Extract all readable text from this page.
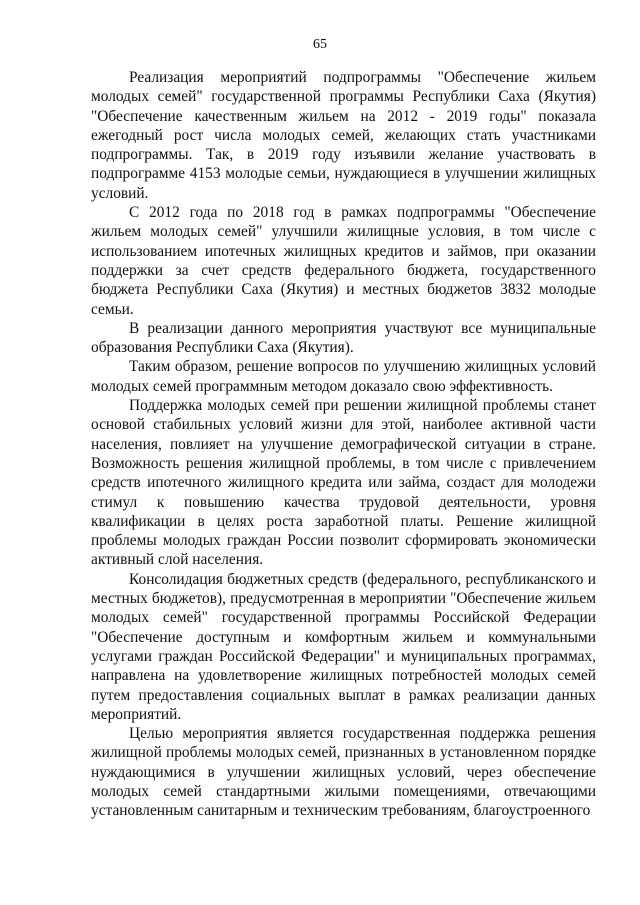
65

Реализация мероприятий подпрограммы "Обеспечение жильем молодых семей" государственной программы Республики Саха (Якутия) "Обеспечение качественным жильем на 2012 - 2019 годы" показала ежегодный рост числа молодых семей, желающих стать участниками подпрограммы. Так, в 2019 году изъявили желание участвовать в подпрограмме 4153 молодые семьи, нуждающиеся в улучшении жилищных условий.

С 2012 года по 2018 год в рамках подпрограммы "Обеспечение жильем молодых семей" улучшили жилищные условия, в том числе с использованием ипотечных жилищных кредитов и займов, при оказании поддержки за счет средств федерального бюджета, государственного бюджета Республики Саха (Якутия) и местных бюджетов 3832 молодые семьи.

В реализации данного мероприятия участвуют все муниципальные образования Республики Саха (Якутия).

Таким образом, решение вопросов по улучшению жилищных условий молодых семей программным методом доказало свою эффективность.

Поддержка молодых семей при решении жилищной проблемы станет основой стабильных условий жизни для этой, наиболее активной части населения, повлияет на улучшение демографической ситуации в стране. Возможность решения жилищной проблемы, в том числе с привлечением средств ипотечного жилищного кредита или займа, создаст для молодежи стимул к повышению качества трудовой деятельности, уровня квалификации в целях роста заработной платы. Решение жилищной проблемы молодых граждан России позволит сформировать экономически активный слой населения.

Консолидация бюджетных средств (федерального, республиканского и местных бюджетов), предусмотренная в мероприятии "Обеспечение жильем молодых семей" государственной программы Российской Федерации "Обеспечение доступным и комфортным жильем и коммунальными услугами граждан Российской Федерации" и муниципальных программах, направлена на удовлетворение жилищных потребностей молодых семей путем предоставления социальных выплат в рамках реализации данных мероприятий.

Целью мероприятия является государственная поддержка решения жилищной проблемы молодых семей, признанных в установленном порядке нуждающимися в улучшении жилищных условий, через обеспечение молодых семей стандартными жилыми помещениями, отвечающими установленным санитарным и техническим требованиям, благоустроенного
